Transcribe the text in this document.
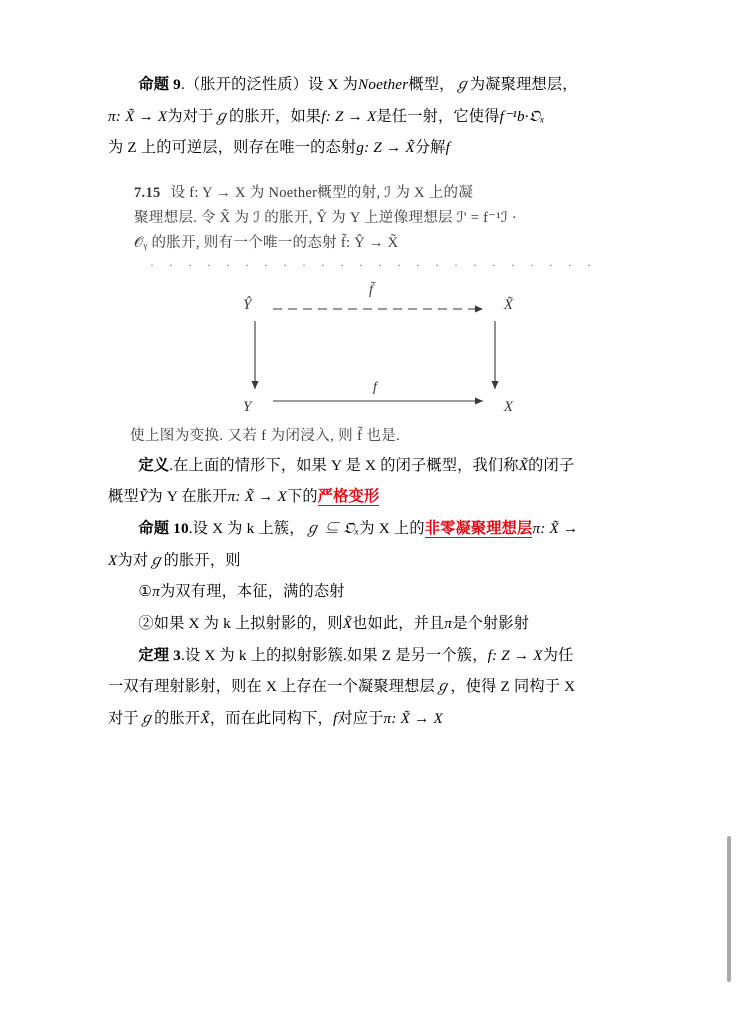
命题 9.（胀开的泛性质）设 X 为Noether概型，ℊ为凝聚理想层，

π: X̃ → X为对于ℊ的胀开，如果f: Z → X是任一射，它使得f⁻¹b·𝔒ₓ

为 Z 上的可逆层，则存在唯一的态射g: Z → X̃分解f

7.15 设 f: Y → X 为 Noether概型的射, ℐ 为 X 上的凝
聚理想层. 令 X̃ 为 ℐ 的胀开, Ŷ 为 Y 上逆像理想层 ℐ' = f⁻¹ℐ ·
𝒪ᵧ 的胀开, 则有一个唯一的态射 f̃: Ŷ → X̃
· · · · · · · · · · · · · · · · · · · · · · · ·
Ŷ	X̃
Y	X
f̃
f
使上图为变换. 又若 f 为闭浸入, 则 f̃ 也是.

定义.在上面的情形下，如果 Y 是 X 的闭子概型，我们称X̃的闭子

概型Ỹ为 Y 在胀开π: X̃ → X下的严格变形

命题 10.设 X 为 k 上簇，ℊ ⊆ 𝔒ₓ为 X 上的非零凝聚理想层π: X̃ →

X为对ℊ的胀开，则

①π为双有理，本征，满的态射

②如果 X 为 k 上拟射影的，则X̃也如此，并且π是个射影射

定理 3.设 X 为 k 上的拟射影簇.如果 Z 是另一个簇，f: Z → X为任

一双有理射影射，则在 X 上存在一个凝聚理想层ℊ，使得 Z 同构于 X

对于ℊ的胀开X̃，而在此同构下，f对应于π: X̃ → X
